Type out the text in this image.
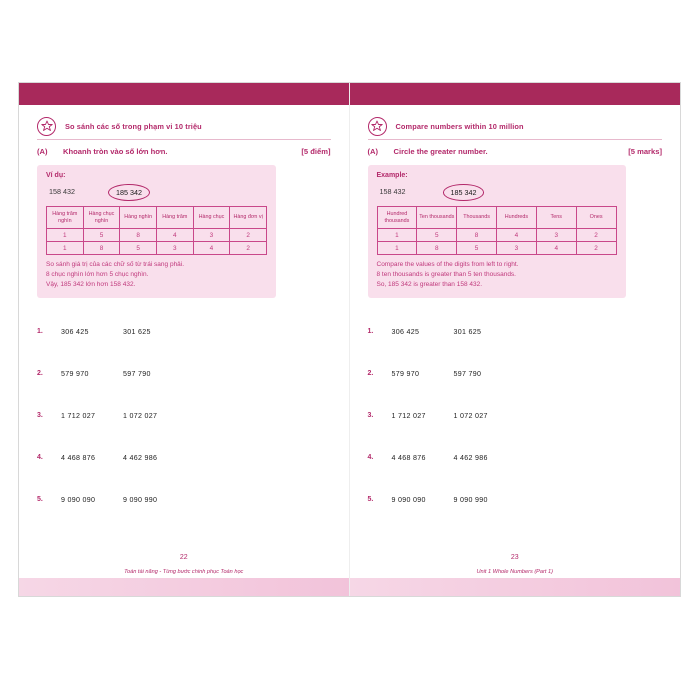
So sánh các số trong phạm vi 10 triệu
(A) Khoanh tròn vào số lớn hơn.	[5 điểm]
Ví dụ:
158 432	185 342
Hàng trăm nghìn	Hàng chục nghìn	Hàng nghìn	Hàng trăm	Hàng chục	Hàng đơn vị
1	5	8	4	3	2
1	8	5	3	4	2
So sánh giá trị của các chữ số từ trái sang phải.
8 chục nghìn lớn hơn 5 chục nghìn.
Vậy, 185 342 lớn hơn 158 432.
1.	306 425	301 625
2.	579 970	597 790
3.	1 712 027	1 072 027
4.	4 468 876	4 462 986
5.	9 090 090	9 090 990
22
Toán tài năng - Từng bước chinh phục Toán học
Compare numbers within 10 million
(A) Circle the greater number.	[5 marks]
Example:
158 432	185 342
Hundred thousands	Ten thousands	Thousands	Hundreds	Tens	Ones
1	5	8	4	3	2
1	8	5	3	4	2
Compare the values of the digits from left to right.
8 ten thousands is greater than 5 ten thousands.
So, 185 342 is greater than 158 432.
1.	306 425	301 625
2.	579 970	597 790
3.	1 712 027	1 072 027
4.	4 468 876	4 462 986
5.	9 090 090	9 090 990
23
Unit 1 Whole Numbers (Part 1)
